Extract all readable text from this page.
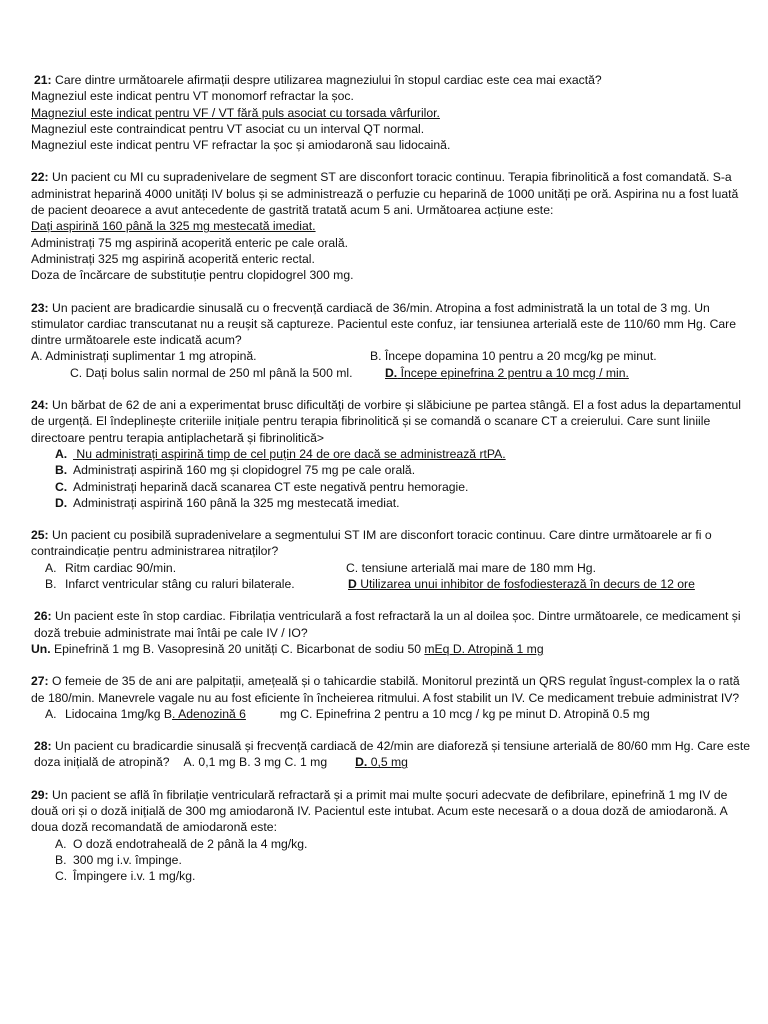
21: Care dintre următoarele afirmații despre utilizarea magneziului în stopul cardiac este cea mai exactă?
Magneziul este indicat pentru VT monomorf refractar la șoc.
Magneziul este indicat pentru VF / VT fără puls asociat cu torsada vârfurilor.
Magneziul este contraindicat pentru VT asociat cu un interval QT normal.
Magneziul este indicat pentru VF refractar la șoc și amiodaronă sau lidocaină.
22: Un pacient cu MI cu supradenivelare de segment ST are disconfort toracic continuu. Terapia fibrinolitică a fost comandată. S-a administrat heparină 4000 unități IV bolus și se administrează o perfuzie cu heparină de 1000 unități pe oră. Aspirina nu a fost luată de pacient deoarece a avut antecedente de gastrită tratată acum 5 ani. Următoarea acțiune este:
Dați aspirină 160 până la 325 mg mestecată imediat.
Administrați 75 mg aspirină acoperită enteric pe cale orală.
Administrați 325 mg aspirină acoperită enteric rectal.
Doza de încărcare de substituție pentru clopidogrel 300 mg.
23: Un pacient are bradicardie sinusală cu o frecvență cardiacă de 36/min. Atropina a fost administrată la un total de 3 mg. Un stimulator cardiac transcutanat nu a reușit să captureze. Pacientul este confuz, iar tensiunea arterială este de 110/60 mm Hg. Care dintre următoarele este indicată acum?
A. Administrați suplimentar 1 mg atropină.	B. Începe dopamina 10 pentru a 20 mcg/kg pe minut.
C. Dați bolus salin normal de 250 ml până la 500 ml.	D. Începe epinefrina 2 pentru a 10 mcg / min.
24: Un bărbat de 62 de ani a experimentat brusc dificultăți de vorbire și slăbiciune pe partea stângă. El a fost adus la departamentul de urgență. El îndeplinește criteriile inițiale pentru terapia fibrinolitică și se comandă o scanare CT a creierului. Care sunt liniile directoare pentru terapia antiplachetară și fibrinolitică>
A. Nu administrați aspirină timp de cel puțin 24 de ore dacă se administrează rtPA.
B. Administrați aspirină 160 mg și clopidogrel 75 mg pe cale orală.
C. Administrați heparină dacă scanarea CT este negativă pentru hemoragie.
D. Administrați aspirină 160 până la 325 mg mestecată imediat.
25: Un pacient cu posibilă supradenivelare a segmentului ST IM are disconfort toracic continuu. Care dintre următoarele ar fi o contraindicație pentru administrarea nitraților?
A. Ritm cardiac 90/min.	C. tensiune arterială mai mare de 180 mm Hg.
B. Infarct ventricular stâng cu raluri bilaterale.	D Utilizarea unui inhibitor de fosfodiesterază în decurs de 12 ore
26: Un pacient este în stop cardiac. Fibrilația ventriculară a fost refractară la un al doilea șoc. Dintre următoarele, ce medicament și doză trebuie administrate mai întâi pe cale IV / IO?
Un. Epinefrină 1 mg B. Vasopresină 20 unități C. Bicarbonat de sodiu 50 mEq D. Atropină 1 mg
27: O femeie de 35 de ani are palpitații, amețeală și o tahicardie stabilă. Monitorul prezintă un QRS regulat îngust-complex la o rată de 180/min. Manevrele vagale nu au fost eficiente în încheierea ritmului. A fost stabilit un IV. Ce medicament trebuie administrat IV?
A. Lidocaina 1mg/kg B. Adenozină 6	mg C. Epinefrina 2 pentru a 10 mcg / kg pe minut D. Atropină 0.5 mg
28: Un pacient cu bradicardie sinusală și frecvență cardiacă de 42/min are diaforeză și tensiune arterială de 80/60 mm Hg. Care este doza inițială de atropină? A. 0,1 mg B. 3 mg C. 1 mg D. 0,5 mg
29: Un pacient se află în fibrilație ventriculară refractară și a primit mai multe șocuri adecvate de defibrilare, epinefrină 1 mg IV de două ori și o doză inițială de 300 mg amiodaronă IV. Pacientul este intubat. Acum este necesară o a doua doză de amiodaronă. A doua doză recomandată de amiodaronă este:
A. O doză endotraheală de 2 până la 4 mg/kg.
B. 300 mg i.v. împinge.
C. Împingere i.v. 1 mg/kg.
